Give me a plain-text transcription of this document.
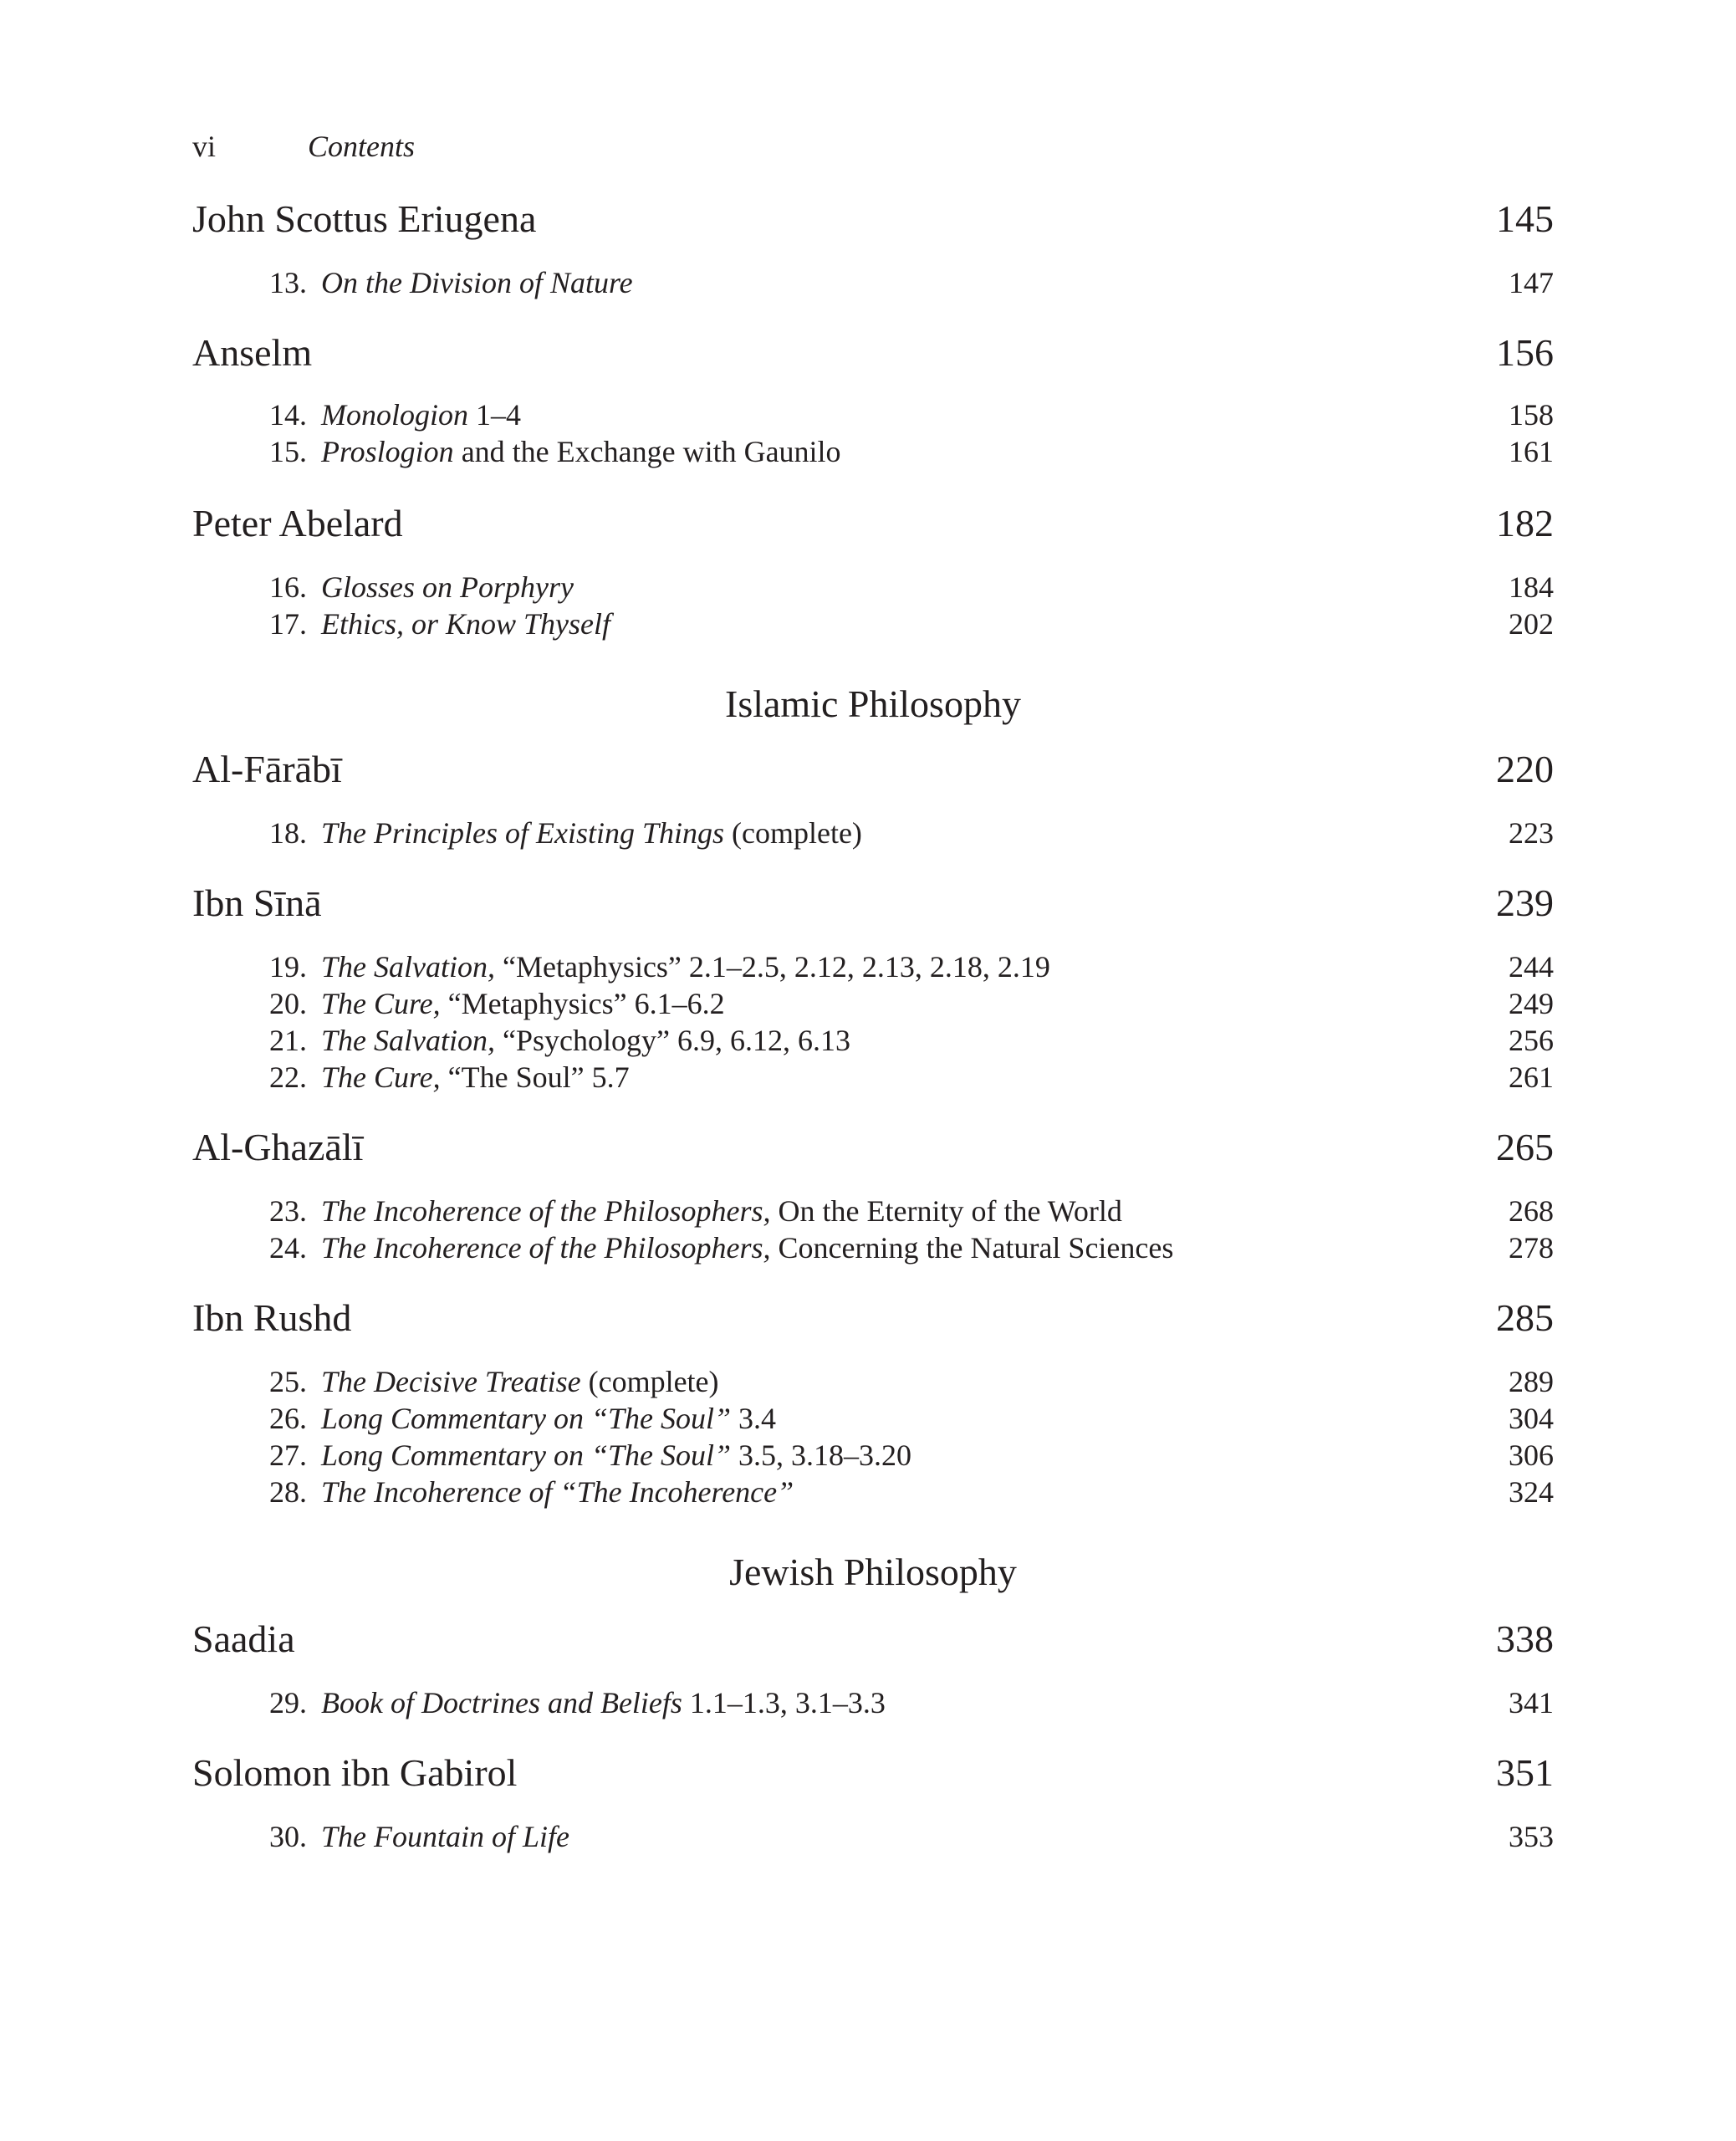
vi	Contents
John Scottus Eriugena	145
13. On the Division of Nature	147
Anselm	156
14. Monologion 1–4	158
15. Proslogion and the Exchange with Gaunilo	161
Peter Abelard	182
16. Glosses on Porphyry	184
17. Ethics, or Know Thyself	202
Islamic Philosophy
Al-Fārābī	220
18. The Principles of Existing Things (complete)	223
Ibn Sīnā	239
19. The Salvation, “Metaphysics” 2.1–2.5, 2.12, 2.13, 2.18, 2.19	244
20. The Cure, “Metaphysics” 6.1–6.2	249
21. The Salvation, “Psychology” 6.9, 6.12, 6.13	256
22. The Cure, “The Soul” 5.7	261
Al-Ghazālī	265
23. The Incoherence of the Philosophers, On the Eternity of the World	268
24. The Incoherence of the Philosophers, Concerning the Natural Sciences	278
Ibn Rushd	285
25. The Decisive Treatise (complete)	289
26. Long Commentary on “The Soul” 3.4	304
27. Long Commentary on “The Soul” 3.5, 3.18–3.20	306
28. The Incoherence of “The Incoherence”	324
Jewish Philosophy
Saadia	338
29. Book of Doctrines and Beliefs 1.1–1.3, 3.1–3.3	341
Solomon ibn Gabirol	351
30. The Fountain of Life	353
